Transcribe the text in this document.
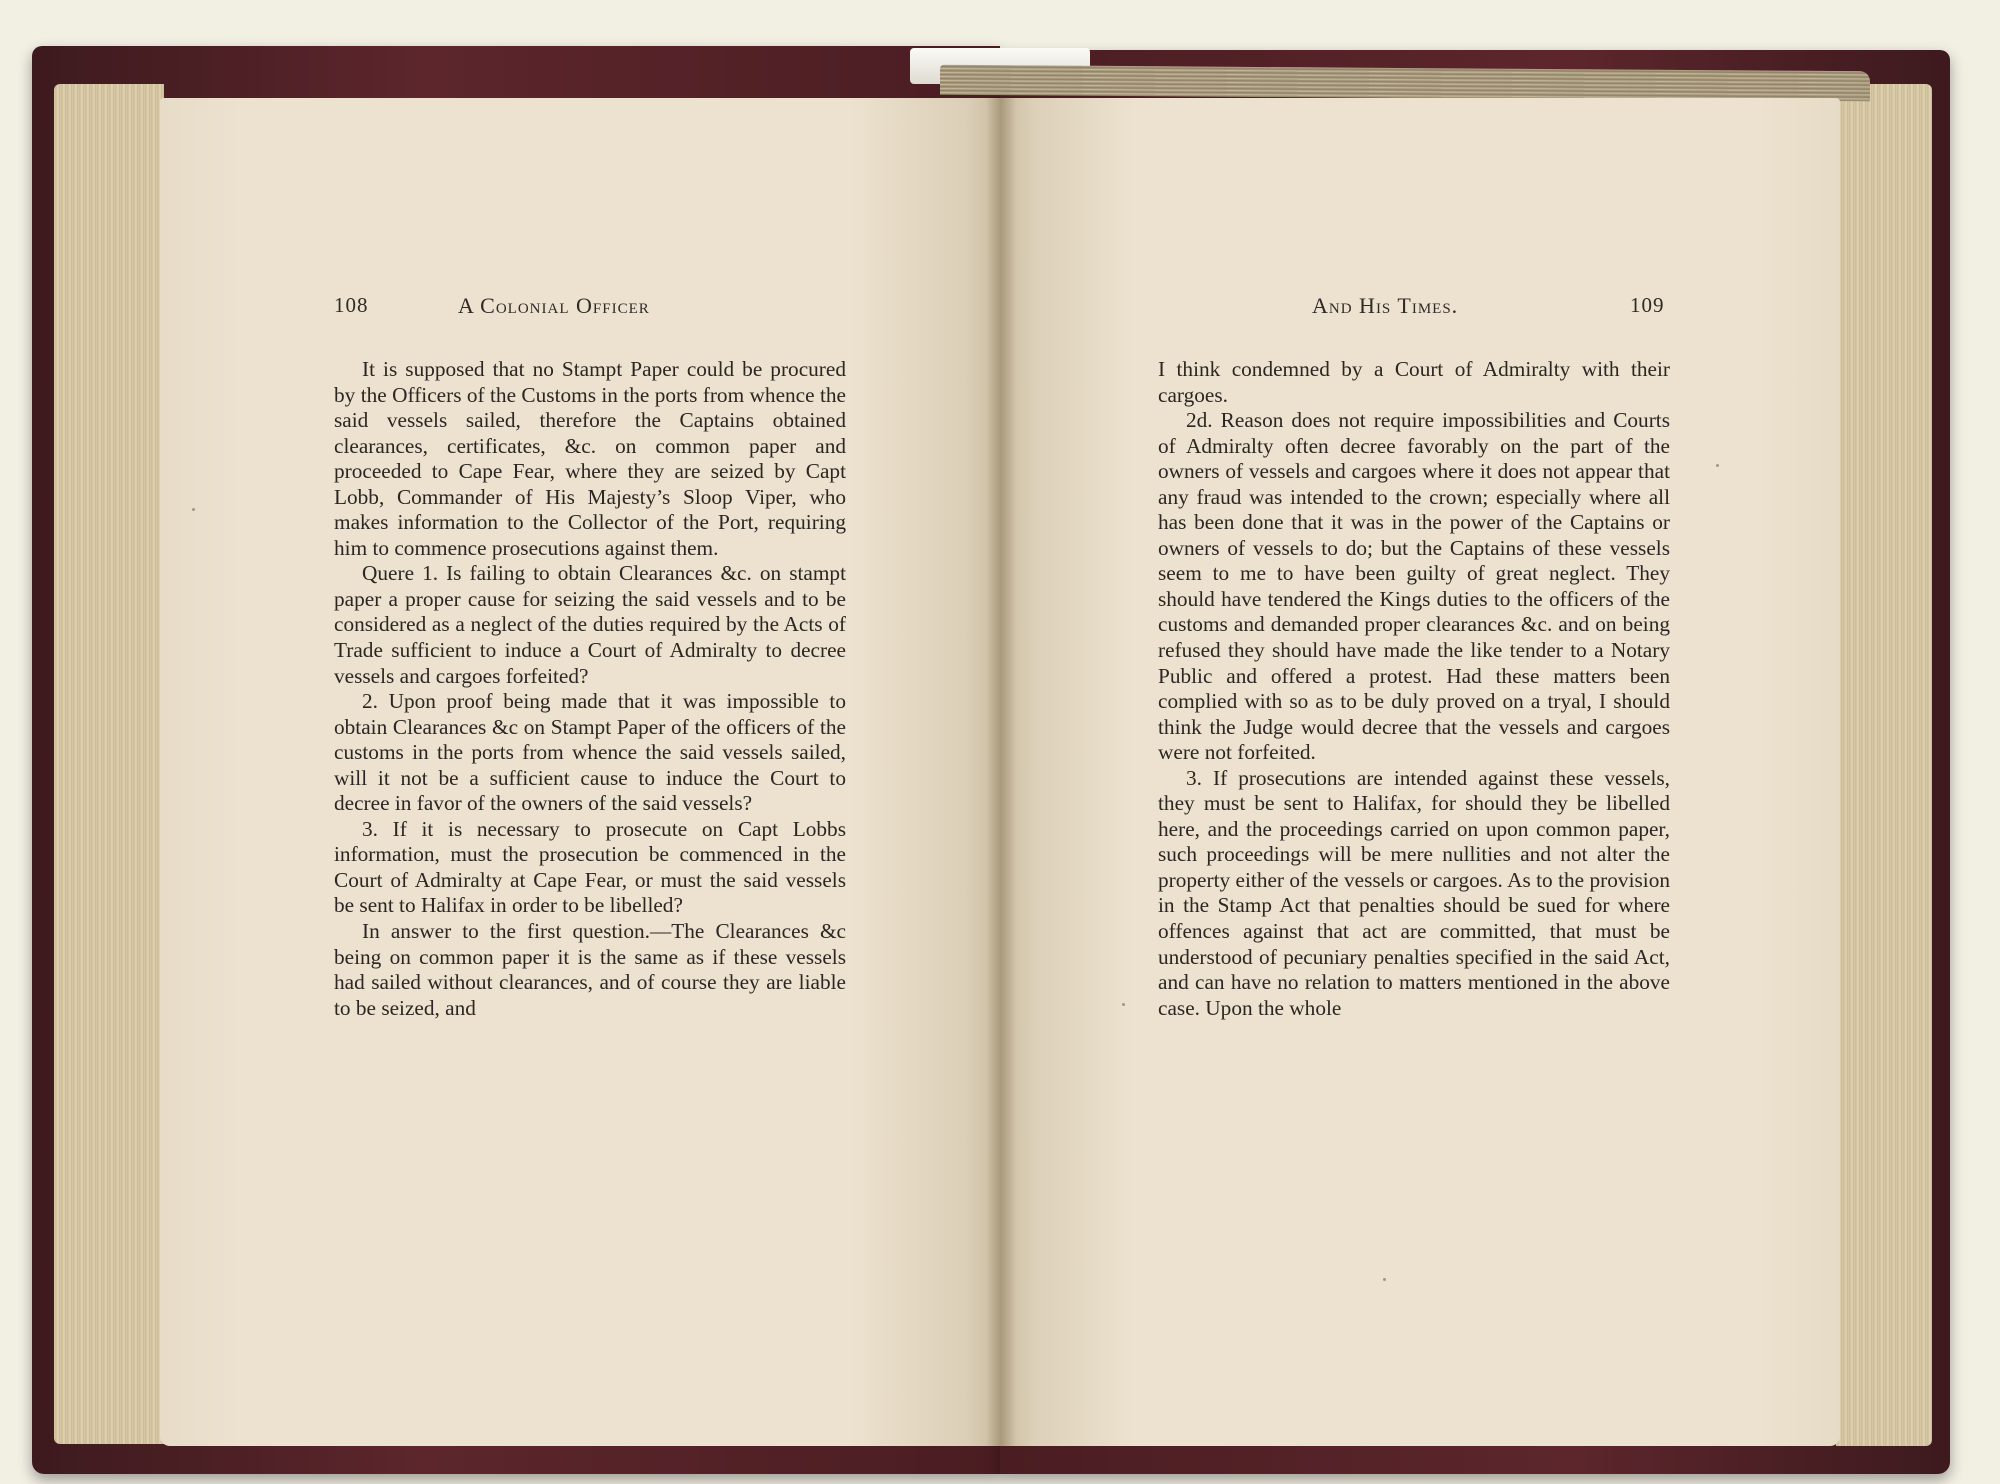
108	A Colonial Officer	And His Times.	109

It is supposed that no Stampt Paper could be procured by the Officers of the Customs in the ports from whence the said vessels sailed, therefore the Captains obtained clearances, certificates, &c. on common paper and proceeded to Cape Fear, where they are seized by Capt Lobb, Commander of His Majesty’s Sloop Viper, who makes information to the Collector of the Port, requiring him to commence prosecutions against them.

Quere 1. Is failing to obtain Clearances &c. on stampt paper a proper cause for seizing the said vessels and to be considered as a neglect of the duties required by the Acts of Trade sufficient to induce a Court of Admiralty to decree vessels and cargoes forfeited?

2. Upon proof being made that it was impossible to obtain Clearances &c on Stampt Paper of the officers of the customs in the ports from whence the said vessels sailed, will it not be a sufficient cause to induce the Court to decree in favor of the owners of the said vessels?

3. If it is necessary to prosecute on Capt Lobbs information, must the prosecution be commenced in the Court of Admiralty at Cape Fear, or must the said vessels be sent to Halifax in order to be libelled?

In answer to the first question.—The Clearances &c being on common paper it is the same as if these vessels had sailed without clearances, and of course they are liable to be seized, and

I think condemned by a Court of Admiralty with their cargoes.

2d. Reason does not require impossibilities and Courts of Admiralty often decree favorably on the part of the owners of vessels and cargoes where it does not appear that any fraud was intended to the crown; especially where all has been done that it was in the power of the Captains or owners of vessels to do; but the Captains of these vessels seem to me to have been guilty of great neglect. They should have tendered the Kings duties to the officers of the customs and demanded proper clearances &c. and on being refused they should have made the like tender to a Notary Public and offered a protest. Had these matters been complied with so as to be duly proved on a tryal, I should think the Judge would decree that the vessels and cargoes were not forfeited.

3. If prosecutions are intended against these vessels, they must be sent to Halifax, for should they be libelled here, and the proceedings carried on upon common paper, such proceedings will be mere nullities and not alter the property either of the vessels or cargoes. As to the provision in the Stamp Act that penalties should be sued for where offences against that act are committed, that must be understood of pecuniary penalties specified in the said Act, and can have no relation to matters mentioned in the above case. Upon the whole
